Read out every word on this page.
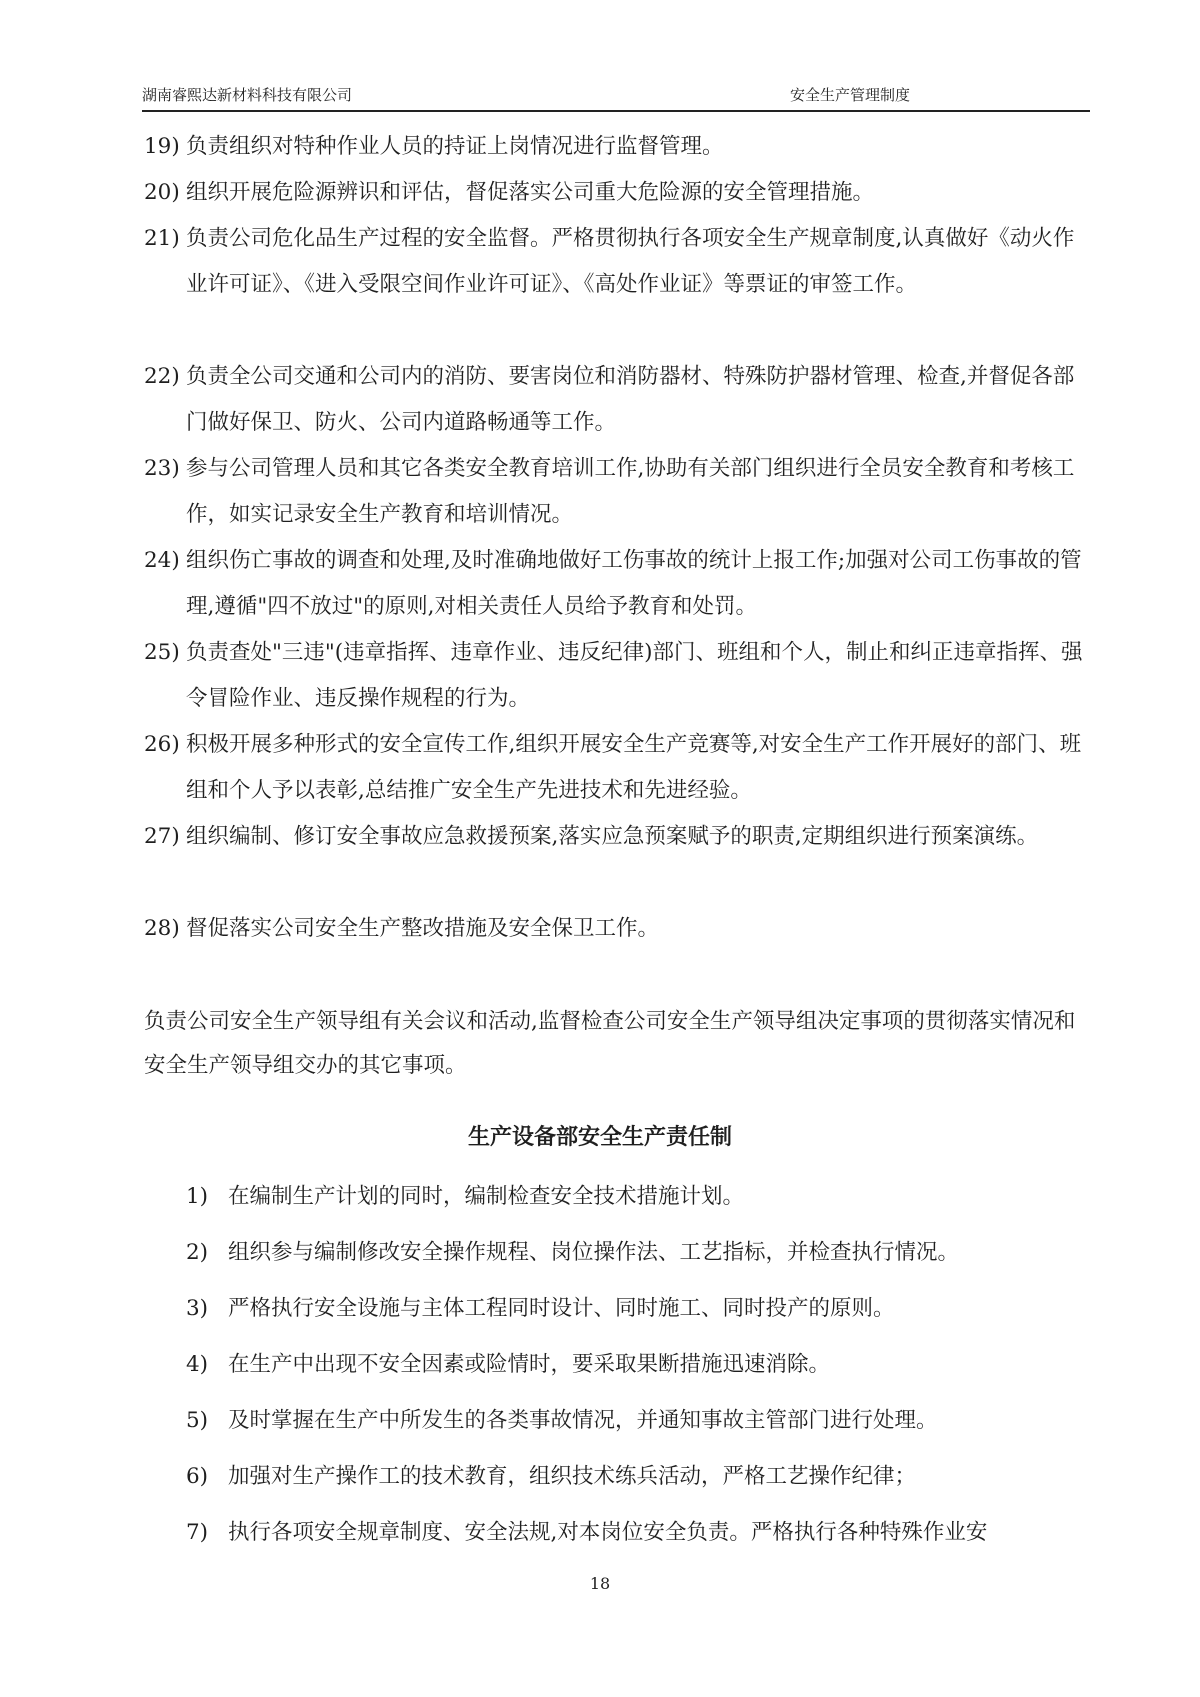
湖南睿熙达新材料科技有限公司	安全生产管理制度
19) 负责组织对特种作业人员的持证上岗情况进行监督管理。
20) 组织开展危险源辨识和评估，督促落实公司重大危险源的安全管理措施。
21) 负责公司危化品生产过程的安全监督。严格贯彻执行各项安全生产规章制度,认真做好《动火作业许可证》、《进入受限空间作业许可证》、《高处作业证》等票证的审签工作。
22) 负责全公司交通和公司内的消防、要害岗位和消防器材、特殊防护器材管理、检查,并督促各部门做好保卫、防火、公司内道路畅通等工作。
23) 参与公司管理人员和其它各类安全教育培训工作,协助有关部门组织进行全员安全教育和考核工作，如实记录安全生产教育和培训情况。
24) 组织伤亡事故的调查和处理,及时准确地做好工伤事故的统计上报工作;加强对公司工伤事故的管理,遵循"四不放过"的原则,对相关责任人员给予教育和处罚。
25) 负责查处"三违"(违章指挥、违章作业、违反纪律)部门、班组和个人，制止和纠正违章指挥、强令冒险作业、违反操作规程的行为。
26) 积极开展多种形式的安全宣传工作,组织开展安全生产竞赛等,对安全生产工作开展好的部门、班组和个人予以表彰,总结推广安全生产先进技术和先进经验。
27) 组织编制、修订安全事故应急救援预案,落实应急预案赋予的职责,定期组织进行预案演练。
28) 督促落实公司安全生产整改措施及安全保卫工作。
负责公司安全生产领导组有关会议和活动,监督检查公司安全生产领导组决定事项的贯彻落实情况和安全生产领导组交办的其它事项。
生产设备部安全生产责任制
1) 在编制生产计划的同时，编制检查安全技术措施计划。
2) 组织参与编制修改安全操作规程、岗位操作法、工艺指标，并检查执行情况。
3) 严格执行安全设施与主体工程同时设计、同时施工、同时投产的原则。
4) 在生产中出现不安全因素或险情时，要采取果断措施迅速消除。
5) 及时掌握在生产中所发生的各类事故情况，并通知事故主管部门进行处理。
6) 加强对生产操作工的技术教育，组织技术练兵活动，严格工艺操作纪律；
7) 执行各项安全规章制度、安全法规,对本岗位安全负责。严格执行各种特殊作业安
18
